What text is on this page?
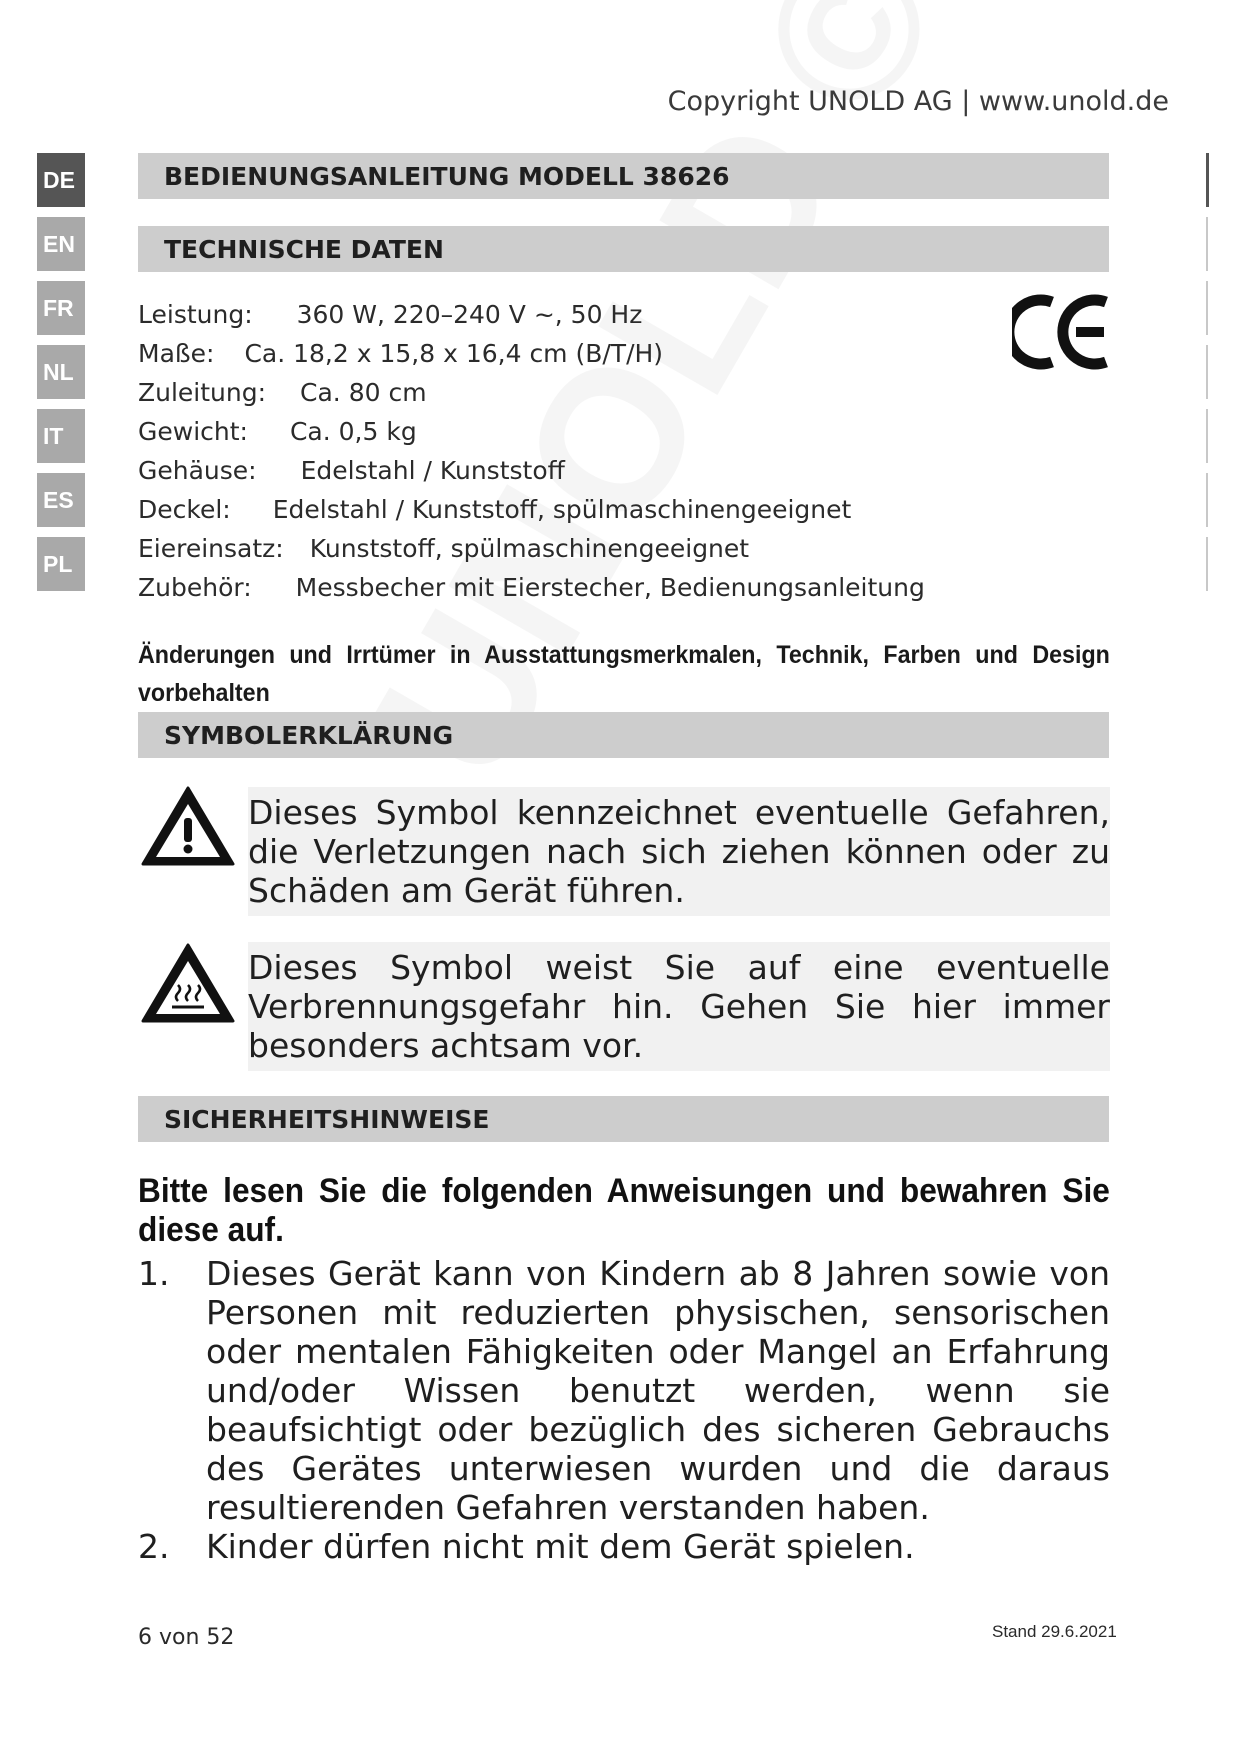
Copyright UNOLD AG | www.unold.de
DE
EN
FR
NL
IT
ES
PL
BEDIENUNGSANLEITUNG MODELL 38626
TECHNISCHE DATEN
Leistung: 360 W, 220–240 V ~, 50 Hz
Maße: Ca. 18,2 x 15,8 x 16,4 cm (B/T/H)
Zuleitung: Ca. 80 cm
Gewicht: Ca. 0,5 kg
Gehäuse: Edelstahl / Kunststoff
Deckel: Edelstahl / Kunststoff, spülmaschinengeeignet
Eiereinsatz: Kunststoff, spülmaschinengeeignet
Zubehör: Messbecher mit Eierstecher, Bedienungsanleitung
Änderungen und Irrtümer in Ausstattungsmerkmalen, Technik, Farben und Design vorbehalten
SYMBOLERKLÄRUNG
Dieses Symbol kennzeichnet eventuelle Gefahren, die Verletzungen nach sich ziehen können oder zu Schäden am Gerät führen.
Dieses Symbol weist Sie auf eine eventuelle Verbrennungsgefahr hin. Gehen Sie hier immer besonders achtsam vor.
SICHERHEITSHINWEISE
Bitte lesen Sie die folgenden Anweisungen und bewahren Sie diese auf.
1. Dieses Gerät kann von Kindern ab 8 Jahren sowie von Personen mit reduzierten physischen, sensorischen oder mentalen Fähigkeiten oder Mangel an Erfahrung und/oder Wissen benutzt werden, wenn sie beaufsichtigt oder bezüglich des sicheren Gebrauchs des Gerätes unterwiesen wurden und die daraus resultierenden Gefahren verstanden haben.
2. Kinder dürfen nicht mit dem Gerät spielen.
6 von 52	Stand 29.6.2021
